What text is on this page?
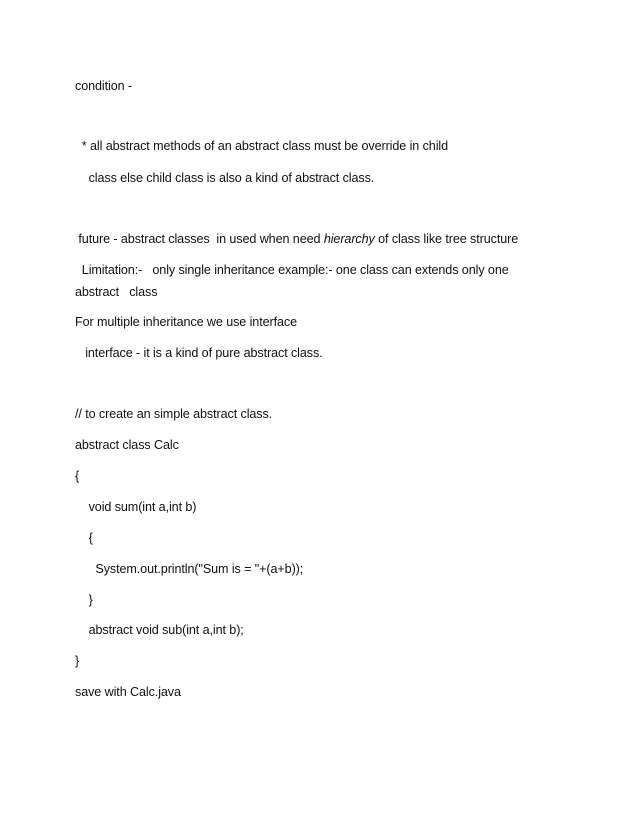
condition -
* all abstract methods of an abstract class must be override in child
class else child class is also a kind of abstract class.
future - abstract classes  in used when need hierarchy of class like tree structure
Limitation:-   only single inheritance example:- one class can extends only one
abstract   class
For multiple inheritance we use interface
interface - it is a kind of pure abstract class.
// to create an simple abstract class.
abstract class Calc
{
void sum(int a,int b)
{
System.out.println("Sum is = "+(a+b));
}
abstract void sub(int a,int b);
}
save with Calc.java
